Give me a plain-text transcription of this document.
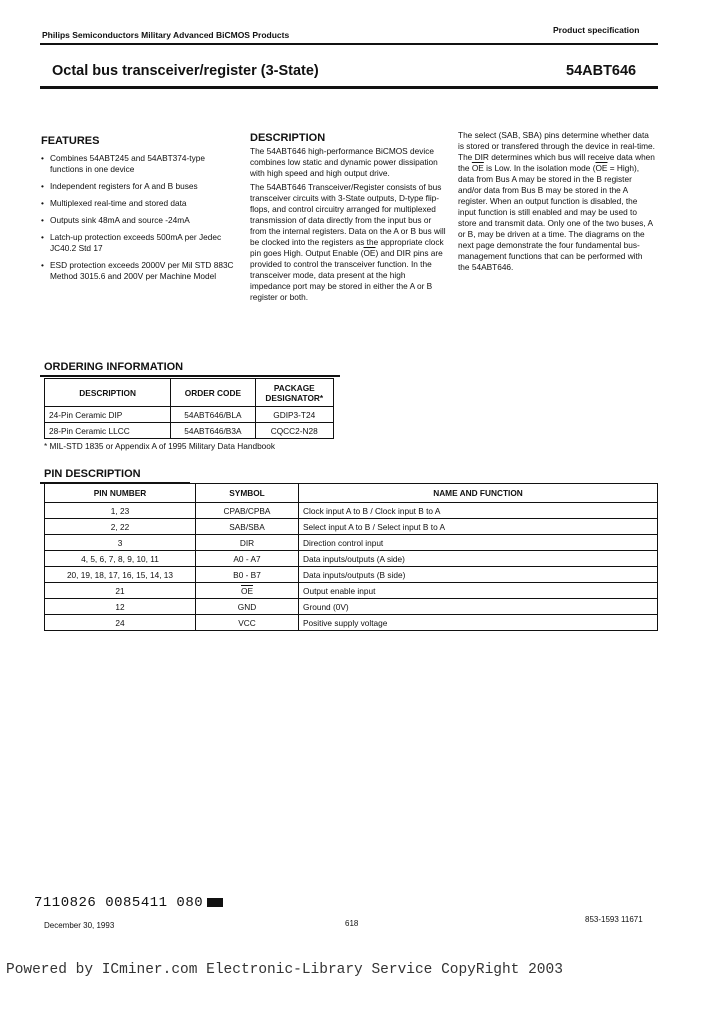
Philips Semiconductors Military Advanced BiCMOS Products	Product specification
Octal bus transceiver/register (3-State)	54ABT646
FEATURES
• Combines 54ABT245 and 54ABT374-type functions in one device
• Independent registers for A and B buses
• Multiplexed real-time and stored data
• Outputs sink 48mA and source -24mA
• Latch-up protection exceeds 500mA per Jedec JC40.2 Std 17
• ESD protection exceeds 2000V per Mil STD 883C Method 3015.6 and 200V per Machine Model
DESCRIPTION

The 54ABT646 high-performance BiCMOS device combines low static and dynamic power dissipation with high speed and high output drive.

The 54ABT646 Transceiver/Register consists of bus transceiver circuits with 3-State outputs, D-type flip-flops, and control circuitry arranged for multiplexed transmission of data directly from the input bus or from the internal registers. Data on the A or B bus will be clocked into the registers as the appropriate clock pin goes High. Output Enable $(\overline{OE})$ and DIR pins are provided to control the transceiver function. In the transceiver mode, data present at the high impedance port may be stored in either the A or B register or both.

The select (SAB, SBA) pins determine whether data is stored or transfered through the device in real-time. The DIR determines which bus will receive data when the $\overline{OE}$ is Low. In the isolation mode ($\overline{OE}$ = High), data from Bus A may be stored in the B register and/or data from Bus B may be stored in the A register. When an output function is disabled, the input function is still enabled and may be used to store and transmit data. Only one of the two buses, A or B, may be driven at a time. The diagrams on the next page demonstrate the four fundamental bus-management functions that can be performed with the 54ABT646.

ORDERING INFORMATION
DESCRIPTION	ORDER CODE	PACKAGE DESIGNATOR*
24-Pin Ceramic DIP	54ABT646/BLA	GDIP3-T24
28-Pin Ceramic LLCC	54ABT646/B3A	CQCC2-N28
* MIL-STD 1835 or Appendix A of 1995 Military Data Handbook
PIN DESCRIPTION
PIN NUMBER	SYMBOL	NAME AND FUNCTION
1, 23	CPAB/CPBA	Clock input A to B / Clock input B to A
2, 22	SAB/SBA	Select input A to B / Select input B to A
3	DIR	Direction control input
4, 5, 6, 7, 8, 9, 10, 11	A0 - A7	Data inputs/outputs (A side)
20, 19, 18, 17, 16, 15, 14, 13	B0 - B7	Data inputs/outputs (B side)
21	$\overline{OE}$	Output enable input
12	GND	Ground (0V)
24	VCC	Positive supply voltage
7110826 0085411 080
December 30, 1993	618	853-1593 11671
Powered by ICminer.com Electronic-Library Service CopyRight 2003
